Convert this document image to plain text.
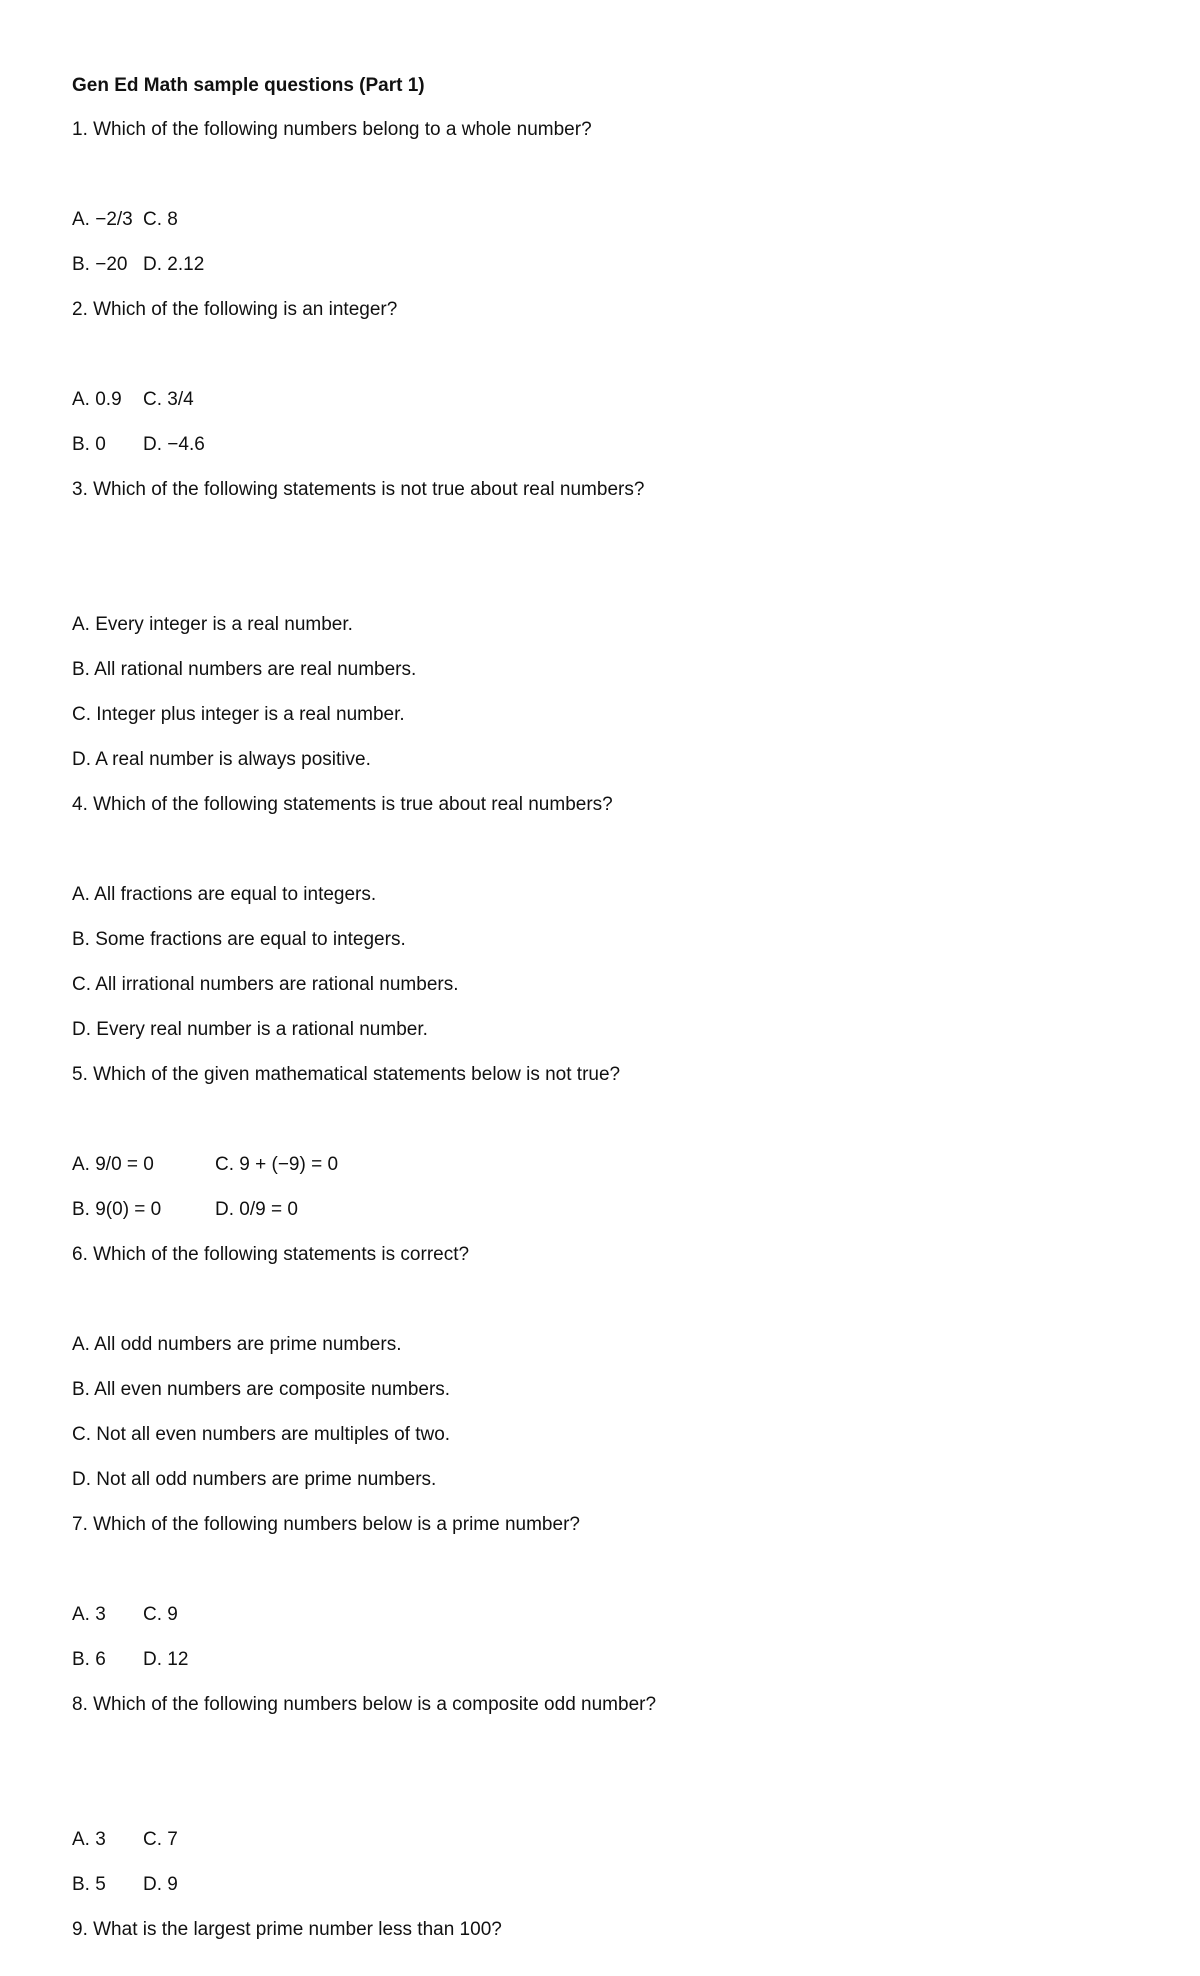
Gen Ed Math sample questions (Part 1)
1. Which of the following numbers belong to a whole number?
A. −2/3 C. 8
B. −20 D. 2.12
2. Which of the following is an integer?
A. 0.9 C. 3/4
B. 0 D. −4.6
3. Which of the following statements is not true about real numbers?
A. Every integer is a real number.
B. All rational numbers are real numbers.
C. Integer plus integer is a real number.
D. A real number is always positive.
4. Which of the following statements is true about real numbers?
A. All fractions are equal to integers.
B. Some fractions are equal to integers.
C. All irrational numbers are rational numbers.
D. Every real number is a rational number.
5. Which of the given mathematical statements below is not true?
A. 9/0 = 0	C. 9 + (−9) = 0
B. 9(0) = 0	D. 0/9 = 0
6. Which of the following statements is correct?
A. All odd numbers are prime numbers.
B. All even numbers are composite numbers.
C. Not all even numbers are multiples of two.
D. Not all odd numbers are prime numbers.
7. Which of the following numbers below is a prime number?
A. 3 C. 9
B. 6 D. 12
8. Which of the following numbers below is a composite odd number?
A. 3 C. 7
B. 5 D. 9
9. What is the largest prime number less than 100?
